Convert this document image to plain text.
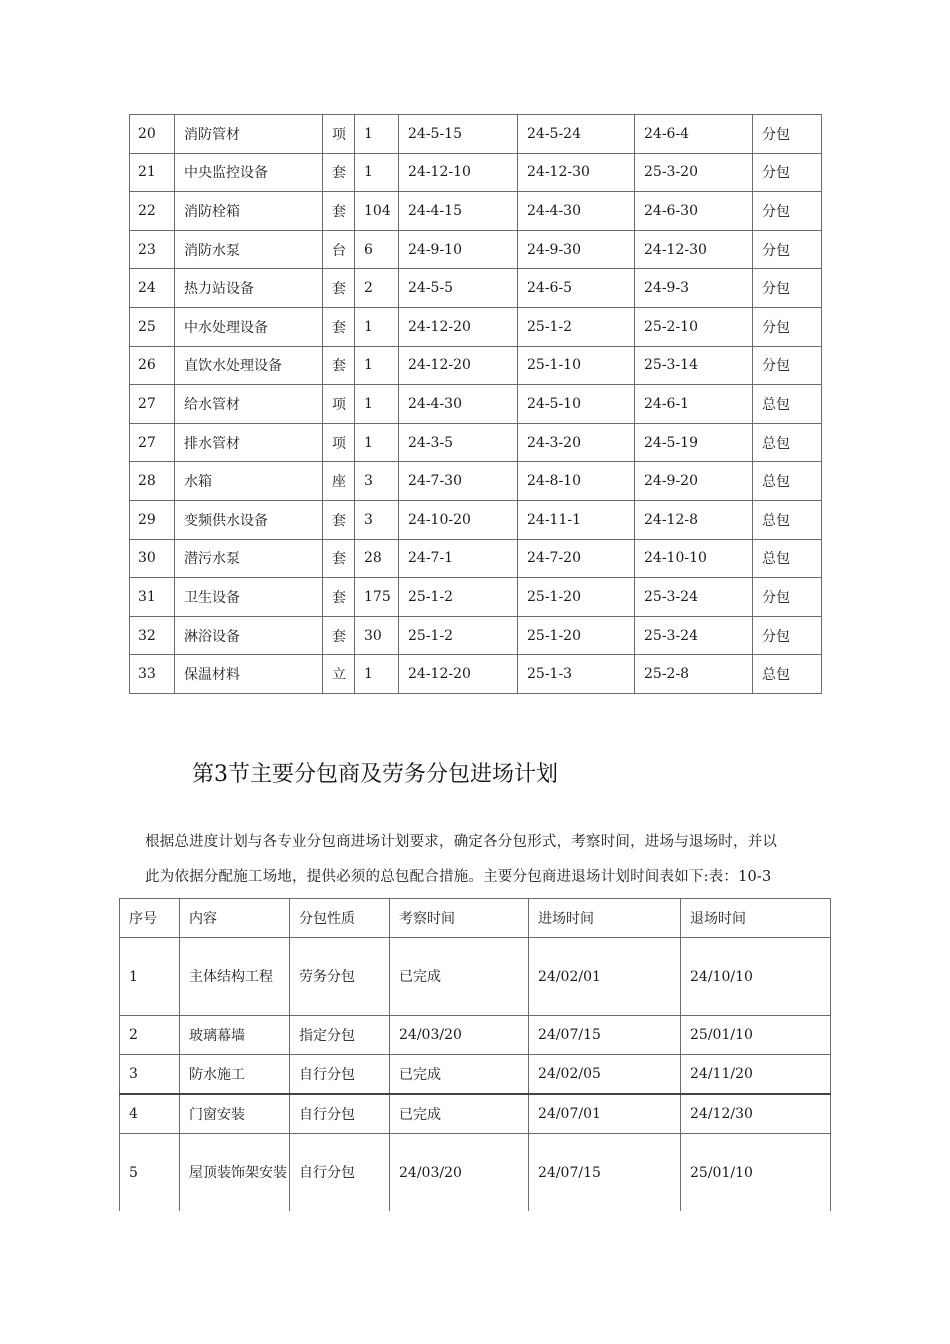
20	消防管材	项	1	24-5-15	24-5-24	24-6-4	分包
21	中央监控设备	套	1	24-12-10	24-12-30	25-3-20	分包
22	消防栓箱	套	104	24-4-15	24-4-30	24-6-30	分包
23	消防水泵	台	6	24-9-10	24-9-30	24-12-30	分包
24	热力站设备	套	2	24-5-5	24-6-5	24-9-3	分包
25	中水处理设备	套	1	24-12-20	25-1-2	25-2-10	分包
26	直饮水处理设备	套	1	24-12-20	25-1-10	25-3-14	分包
27	给水管材	项	1	24-4-30	24-5-10	24-6-1	总包
27	排水管材	项	1	24-3-5	24-3-20	24-5-19	总包
28	水箱	座	3	24-7-30	24-8-10	24-9-20	总包
29	变频供水设备	套	3	24-10-20	24-11-1	24-12-8	总包
30	潜污水泵	套	28	24-7-1	24-7-20	24-10-10	总包
31	卫生设备	套	175	25-1-2	25-1-20	25-3-24	分包
32	淋浴设备	套	30	25-1-2	25-1-20	25-3-24	分包
33	保温材料	立	1	24-12-20	25-1-3	25-2-8	总包
第3节主要分包商及劳务分包进场计划
根据总进度计划与各专业分包商进场计划要求，确定各分包形式，考察时间，进场与退场时，并以
此为依据分配施工场地，提供必须的总包配合措施。主要分包商进退场计划时间表如下:表：10-3
序号	内容	分包性质	考察时间	进场时间	退场时间
1	主体结构工程	劳务分包	已完成	24/02/01	24/10/10
2	玻璃幕墙	指定分包	24/03/20	24/07/15	25/01/10
3	防水施工	自行分包	已完成	24/02/05	24/11/20
4	门窗安装	自行分包	已完成	24/07/01	24/12/30
5	屋顶装饰架安装	自行分包	24/03/20	24/07/15	25/01/10
